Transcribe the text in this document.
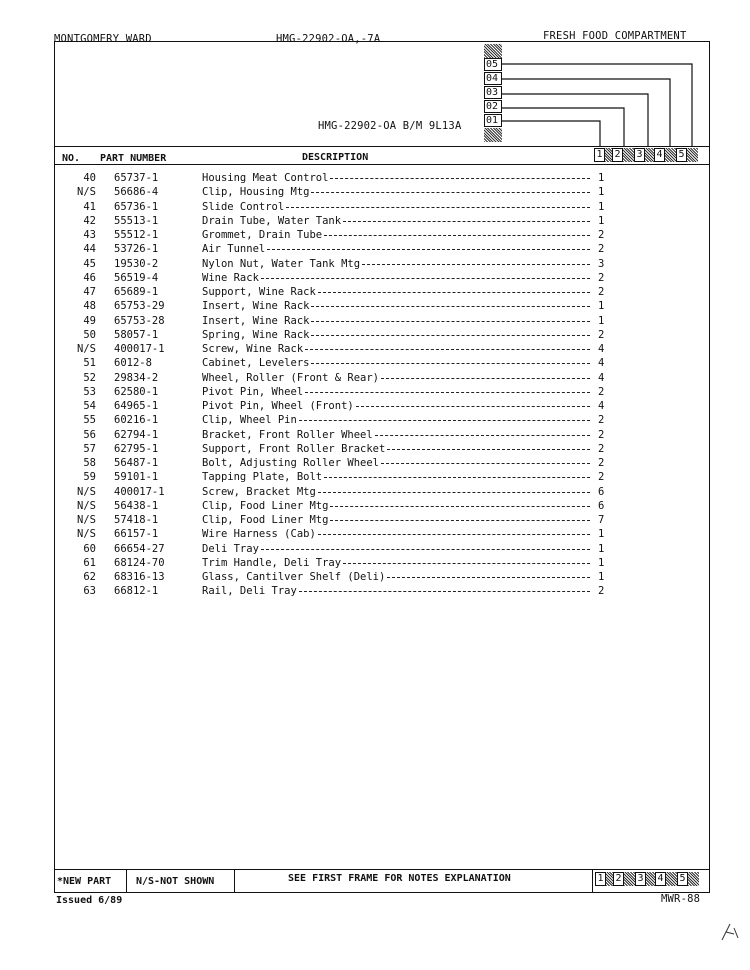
MONTGOMERY WARD	HMG-22902-OA,-7A	FRESH FOOD COMPARTMENT
05
04
03
02
01
HMG-22902-OA B/M 9L13A
NO. PART NUMBER	DESCRIPTION	1 2 3 4 5
40 65737-1	Housing Meat Control	1
N/S 56686-4	Clip, Housing Mtg	1
41 65736-1	Slide Control	1
42 55513-1	Drain Tube, Water Tank	1
43 55512-1	Grommet, Drain Tube	2
44 53726-1	Air Tunnel	2
45 19530-2	Nylon Nut, Water Tank Mtg	3
46 56519-4	Wine Rack	2
47 65689-1	Support, Wine Rack	2
48 65753-29	Insert, Wine Rack	1
49 65753-28	Insert, Wine Rack	1
50 58057-1	Spring, Wine Rack	2
N/S 400017-1	Screw, Wine Rack	4
51 6012-8	Cabinet, Levelers	4
52 29834-2	Wheel, Roller (Front & Rear)	4
53 62580-1	Pivot Pin, Wheel	2
54 64965-1	Pivot Pin, Wheel (Front)	4
55 60216-1	Clip, Wheel Pin	2
56 62794-1	Bracket, Front Roller Wheel	2
57 62795-1	Support, Front Roller Bracket	2
58 56487-1	Bolt, Adjusting Roller Wheel	2
59 59101-1	Tapping Plate, Bolt	2
N/S 400017-1	Screw, Bracket Mtg	6
N/S 56438-1	Clip, Food Liner Mtg	6
N/S 57418-1	Clip, Food Liner Mtg	7
N/S 66157-1	Wire Harness (Cab)	1
60 66654-27	Deli Tray	1
61 68124-70	Trim Handle, Deli Tray	1
62 68316-13	Glass, Cantilver Shelf (Deli)	1
63 66812-1	Rail, Deli Tray	2
*NEW PART N/S-NOT SHOWN	SEE FIRST FRAME FOR NOTES EXPLANATION	1 2 3 4 5
Issued 6/89	MWR-88
